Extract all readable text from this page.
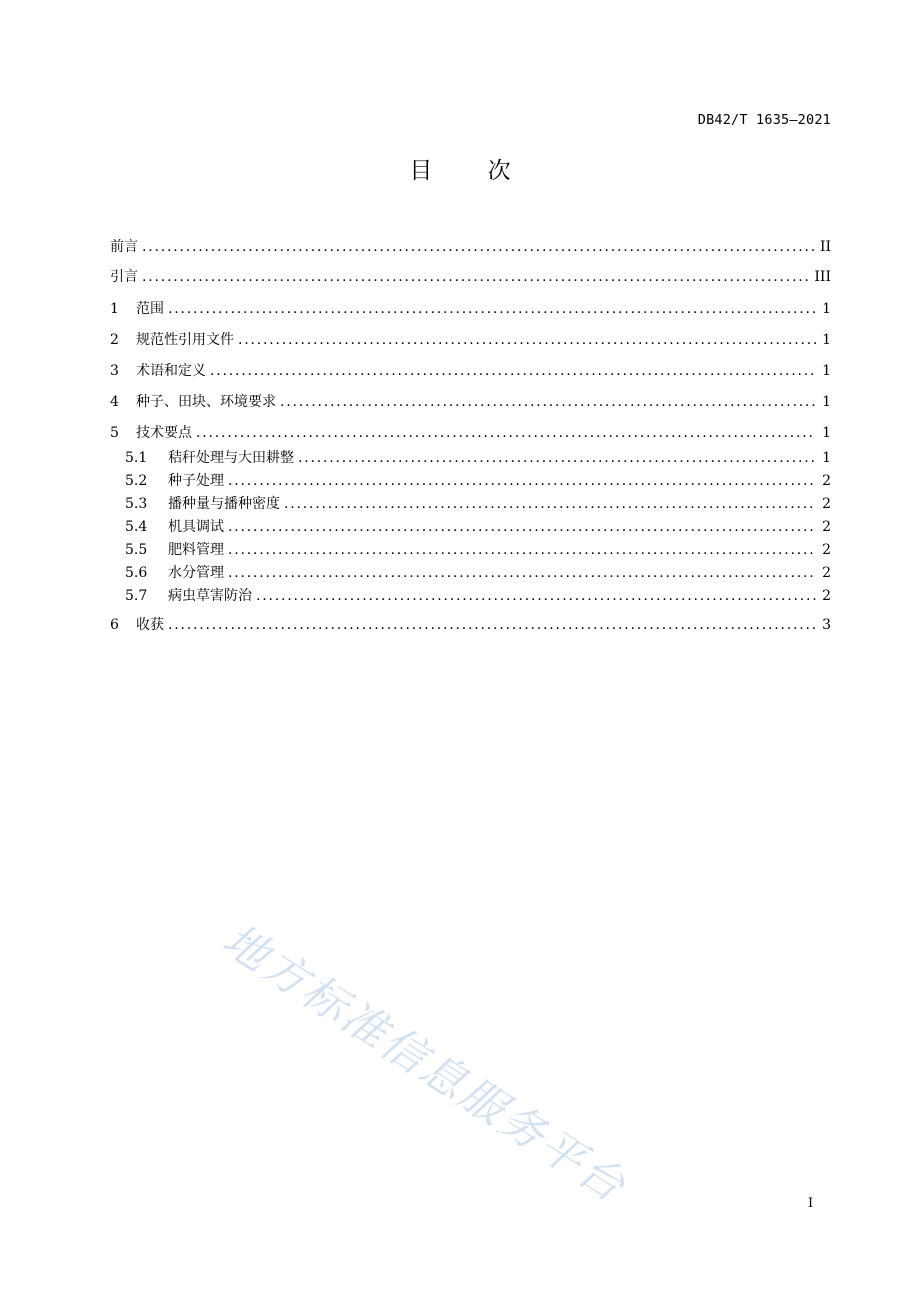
DB42/T 1635—2021
目 次
前言 .....	II
引言 .....	III
1	范围 .....	1
2	规范性引用文件 .....	1
3	术语和定义 .....	1
4	种子、田块、环境要求 .....	1
5	技术要点 .....	1
5.1	秸秆处理与大田耕整 .....	1
5.2	种子处理 .....	2
5.3	播种量与播种密度 .....	2
5.4	机具调试 .....	2
5.5	肥料管理 .....	2
5.6	水分管理 .....	2
5.7	病虫草害防治 .....	2
6	收获 .....	3
地方标准信息服务平台	I
